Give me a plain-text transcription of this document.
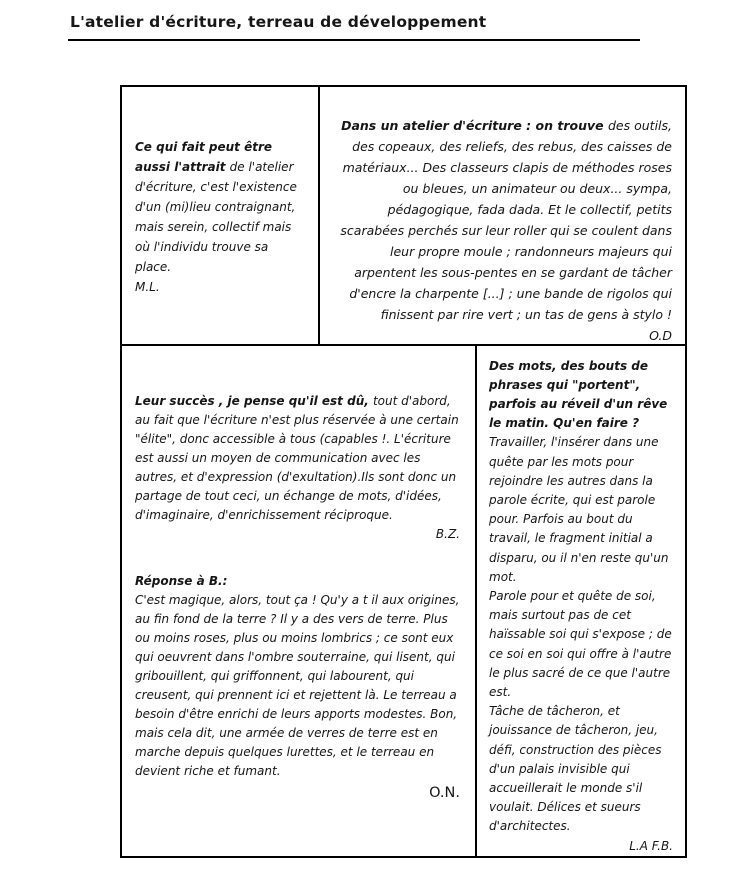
L'atelier d'écriture, terreau de développement

Ce qui fait peut être aussi l'attrait de l'atelier d'écriture, c'est l'existence d'un (mi)lieu contraignant, mais serein, collectif mais où l'individu trouve sa place.

M.L.

Dans un atelier d'écriture : on trouve des outils, des copeaux, des reliefs, des rebus, des caisses de matériaux... Des classeurs clapis de méthodes roses ou bleues, un animateur ou deux... sympa, pédagogique, fada dada. Et le collectif, petits scarabées perchés sur leur roller qui se coulent dans leur propre moule ; randonneurs majeurs qui arpentent les sous-pentes en se gardant de tâcher d'encre la charpente [...] ; une bande de rigolos qui finissent par rire vert ; un tas de gens à stylo !

O.D

Leur succès , je pense qu'il est dû, tout d'abord, au fait que l'écriture n'est plus réservée à une certain "élite", donc accessible à tous (capables !. L'écriture est aussi un moyen de communication avec les autres, et d'expression (d'exultation).Ils sont donc un partage de tout ceci, un échange de mots, d'idées, d'imaginaire, d'enrichissement réciproque.

B.Z.

Réponse à B.:

C'est magique, alors, tout ça ! Qu'y a t il aux origines, au fin fond de la terre ? Il y a des vers de terre. Plus ou moins roses, plus ou moins lombrics ; ce sont eux qui oeuvrent dans l'ombre souterraine, qui lisent, qui gribouillent, qui griffonnent, qui labourent, qui creusent, qui prennent ici et rejettent là. Le terreau a besoin d'être enrichi de leurs apports modestes. Bon, mais cela dit, une armée de verres de terre est en marche depuis quelques lurettes, et le terreau en devient riche et fumant.

O.N.

Des mots, des bouts de phrases qui "portent", parfois au réveil d'un rêve le matin. Qu'en faire ?

Travailler, l'insérer dans une quête par les mots pour rejoindre les autres dans la parole écrite, qui est parole pour. Parfois au bout du travail, le fragment initial a disparu, ou il n'en reste qu'un mot.

Parole pour et quête de soi, mais surtout pas de cet haïssable soi qui s'expose ; de ce soi en soi qui offre à l'autre le plus sacré de ce que l'autre est.

Tâche de tâcheron, et jouissance de tâcheron, jeu, défi, construction des pièces d'un palais invisible qui accueillerait le monde s'il voulait. Délices et sueurs d'architectes.

L.A F.B.
